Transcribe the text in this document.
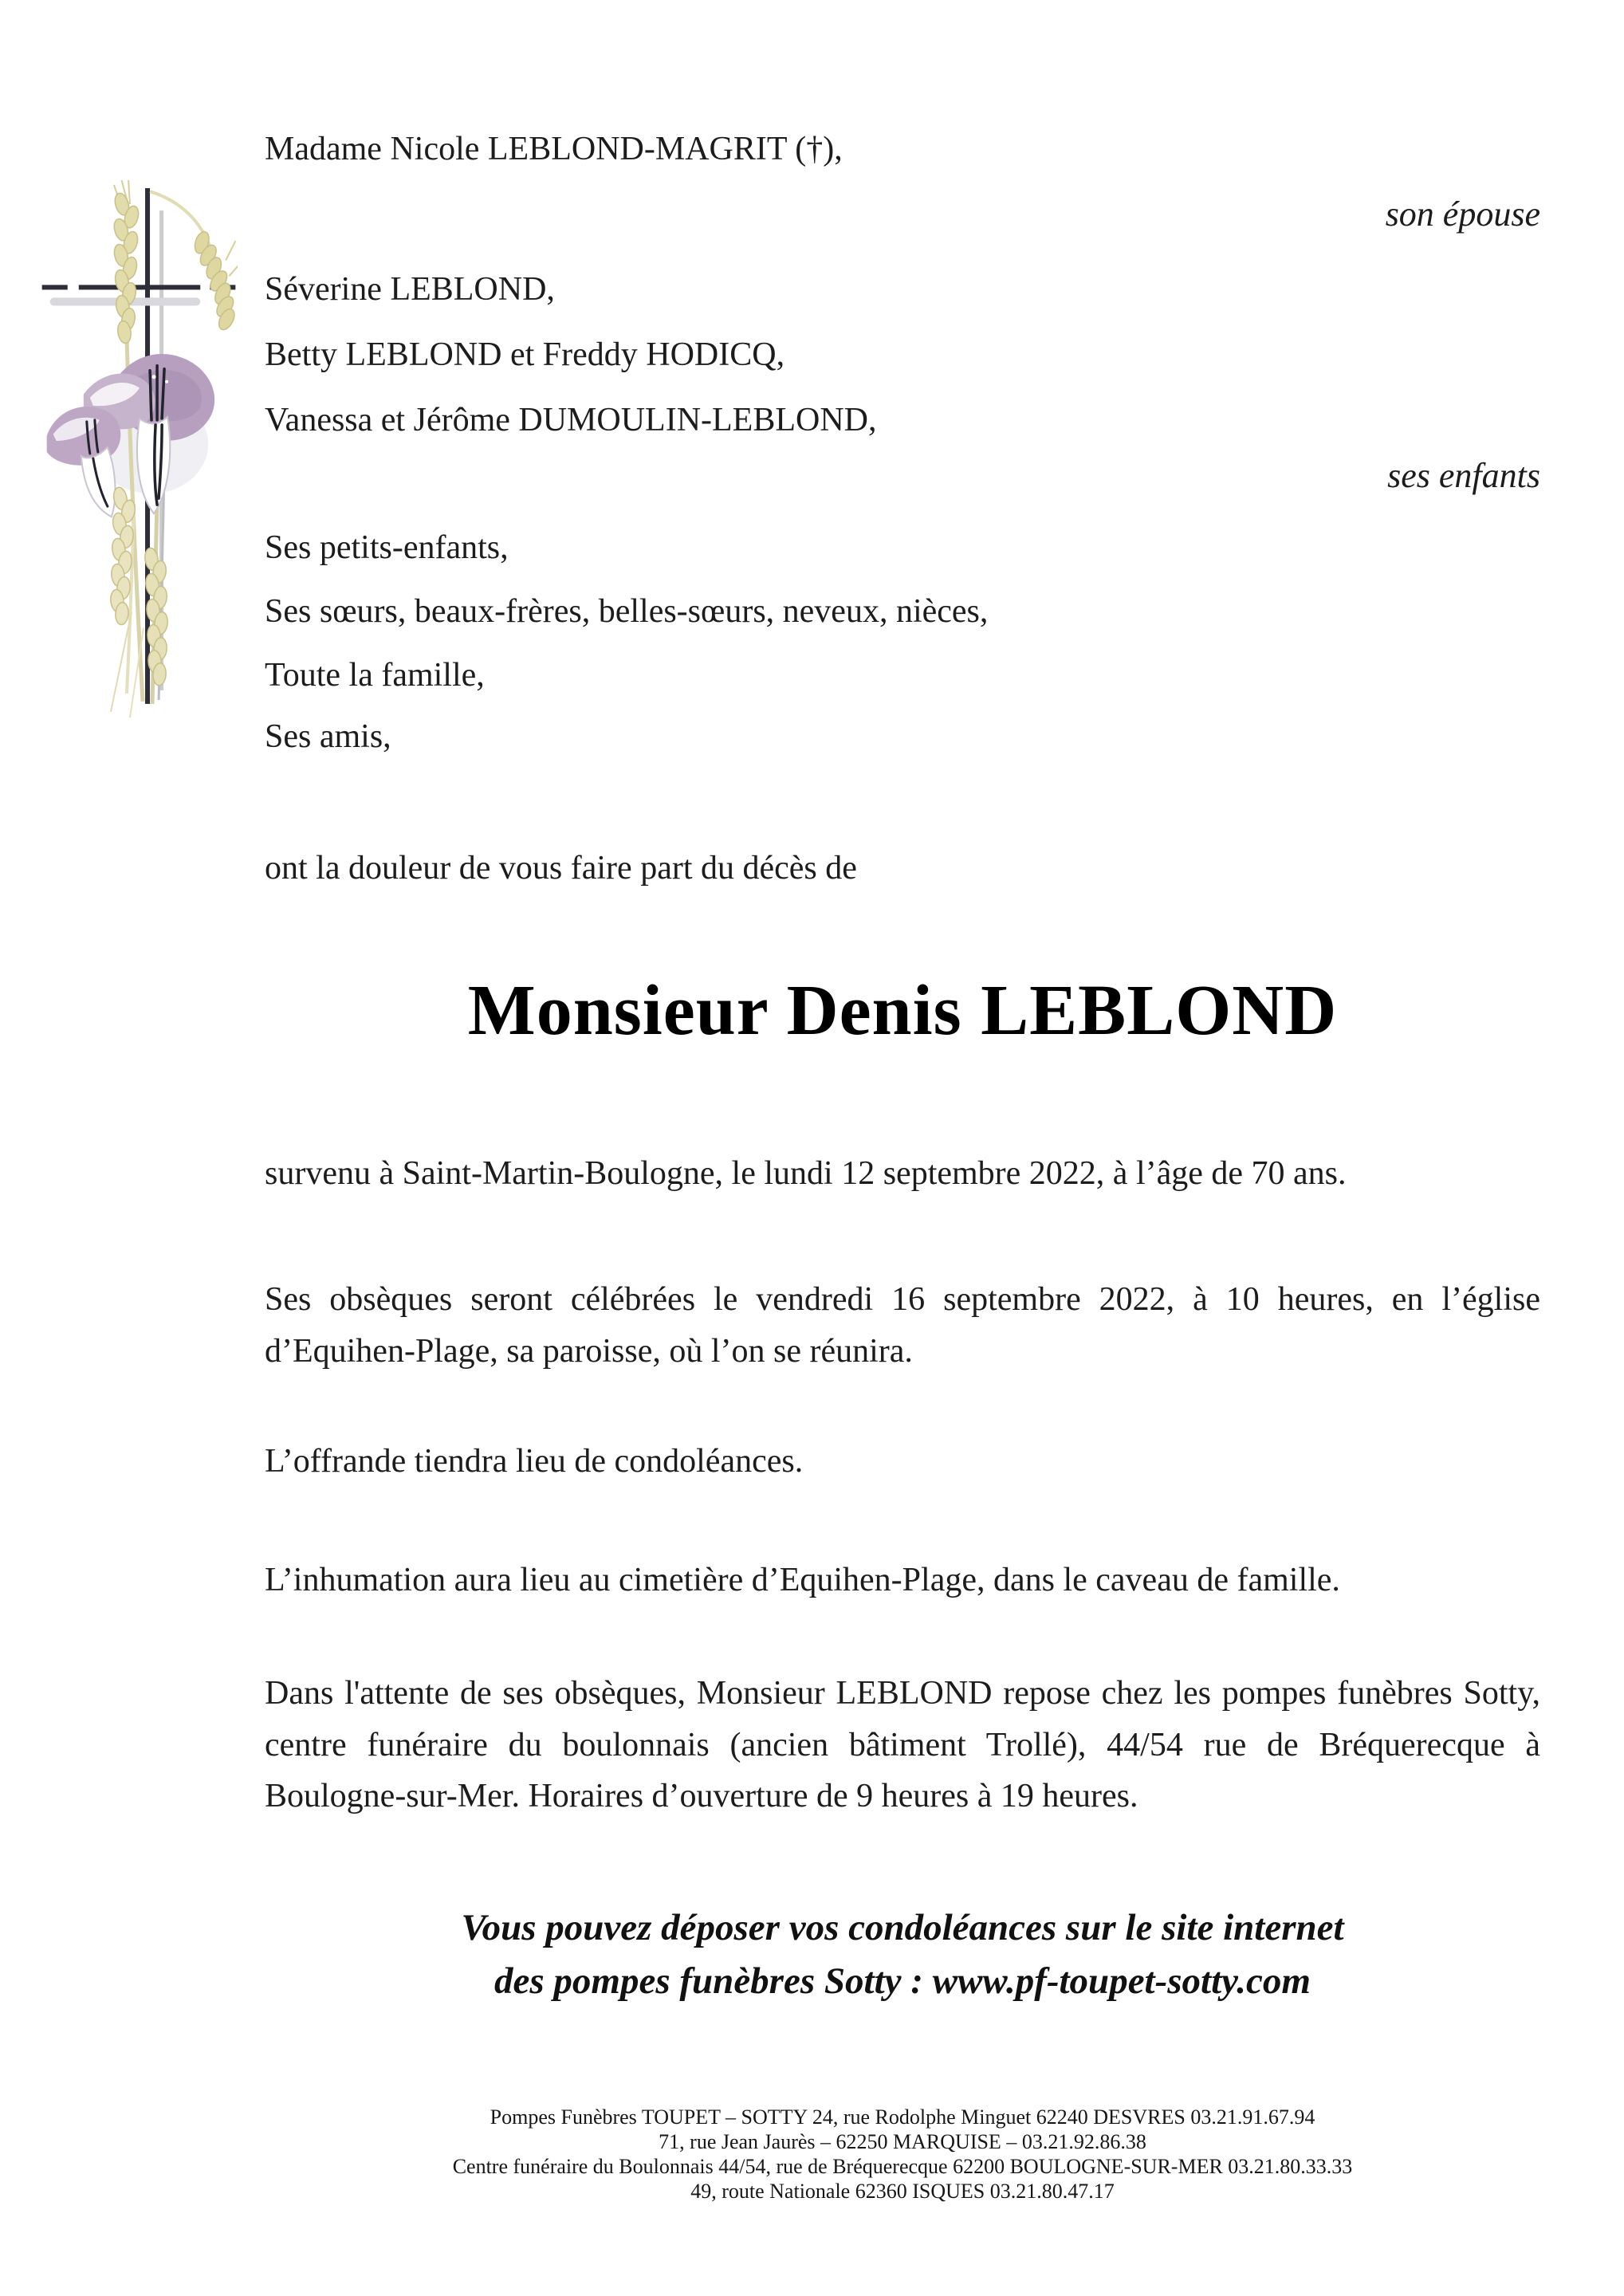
Madame Nicole LEBLOND-MAGRIT (†),
son épouse
Séverine LEBLOND,
Betty LEBLOND et Freddy HODICQ,
Vanessa et Jérôme DUMOULIN-LEBLOND,
ses enfants
Ses petits-enfants,
Ses sœurs, beaux-frères, belles-sœurs, neveux, nièces,
Toute la famille,
Ses amis,
ont la douleur de vous faire part du décès de
Monsieur Denis LEBLOND
survenu à Saint-Martin-Boulogne, le lundi 12 septembre 2022, à l’âge de 70 ans.
Ses obsèques seront célébrées le vendredi 16 septembre 2022, à 10 heures, en l’église d’Equihen-Plage, sa paroisse, où l’on se réunira.
L’offrande tiendra lieu de condoléances.
L’inhumation aura lieu au cimetière d’Equihen-Plage, dans le caveau de famille.
Dans l'attente de ses obsèques, Monsieur LEBLOND repose chez les pompes funèbres Sotty, centre funéraire du boulonnais (ancien bâtiment Trollé), 44/54 rue de Bréquerecque à Boulogne-sur-Mer. Horaires d’ouverture de 9 heures à 19 heures.
Vous pouvez déposer vos condoléances sur le site internet
des pompes funèbres Sotty : www.pf-toupet-sotty.com
Pompes Funèbres TOUPET – SOTTY 24, rue Rodolphe Minguet 62240 DESVRES 03.21.91.67.94
71, rue Jean Jaurès – 62250 MARQUISE – 03.21.92.86.38
Centre funéraire du Boulonnais 44/54, rue de Bréquerecque 62200 BOULOGNE-SUR-MER 03.21.80.33.33
49, route Nationale 62360 ISQUES 03.21.80.47.17
